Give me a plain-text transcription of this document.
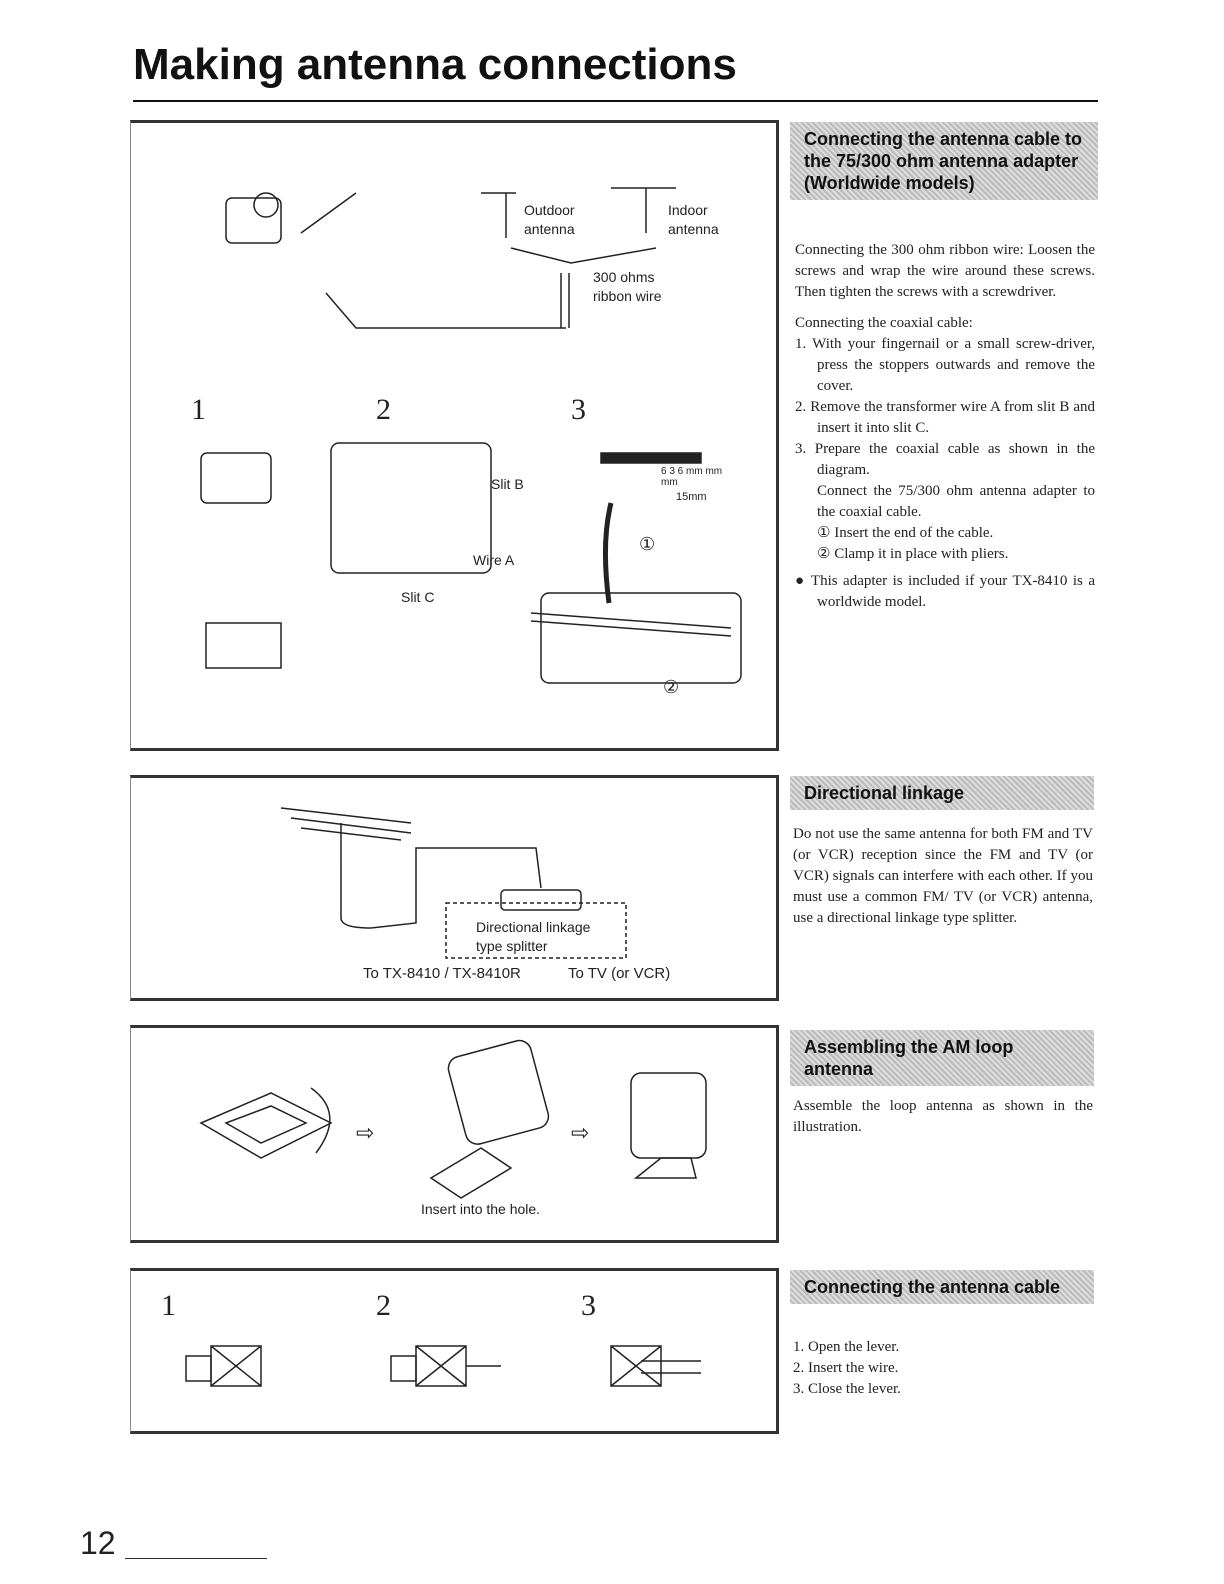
Making antenna connections
Outdoor antenna
Indoor antenna
300 ohms ribbon wire
1	2	3
Slit B
Wire A
Slit C
6 3 6 mm mm mm
15mm
①
②
Connecting the antenna cable to the 75/300 ohm antenna adapter (Worldwide models)

Connecting the 300 ohm ribbon wire: Loosen the screws and wrap the wire around these screws. Then tighten the screws with a screwdriver.

Connecting the coaxial cable:

1. With your fingernail or a small screw-driver, press the stoppers outwards and remove the cover.
2. Remove the transformer wire A from slit B and insert it into slit C.
3. Prepare the coaxial cable as shown in the diagram.
Connect the 75/300 ohm antenna adapter to the coaxial cable.
① Insert the end of the cable.
② Clamp it in place with pliers.
● This adapter is included if your TX-8410 is a worldwide model.
Directional linkage type splitter
To TX-8410 / TX-8410R	To TV (or VCR)
Directional linkage
Do not use the same antenna for both FM and TV (or VCR) reception since the FM and TV (or VCR) signals can interfere with each other. If you must use a common FM/ TV (or VCR) antenna, use a directional linkage type splitter.
⇨	⇨
Insert into the hole.
Assembling the AM loop antenna
Assemble the loop antenna as shown in the illustration.
1	2	3
Connecting the antenna cable
1. Open the lever.
2. Insert the wire.
3. Close the lever.
12
